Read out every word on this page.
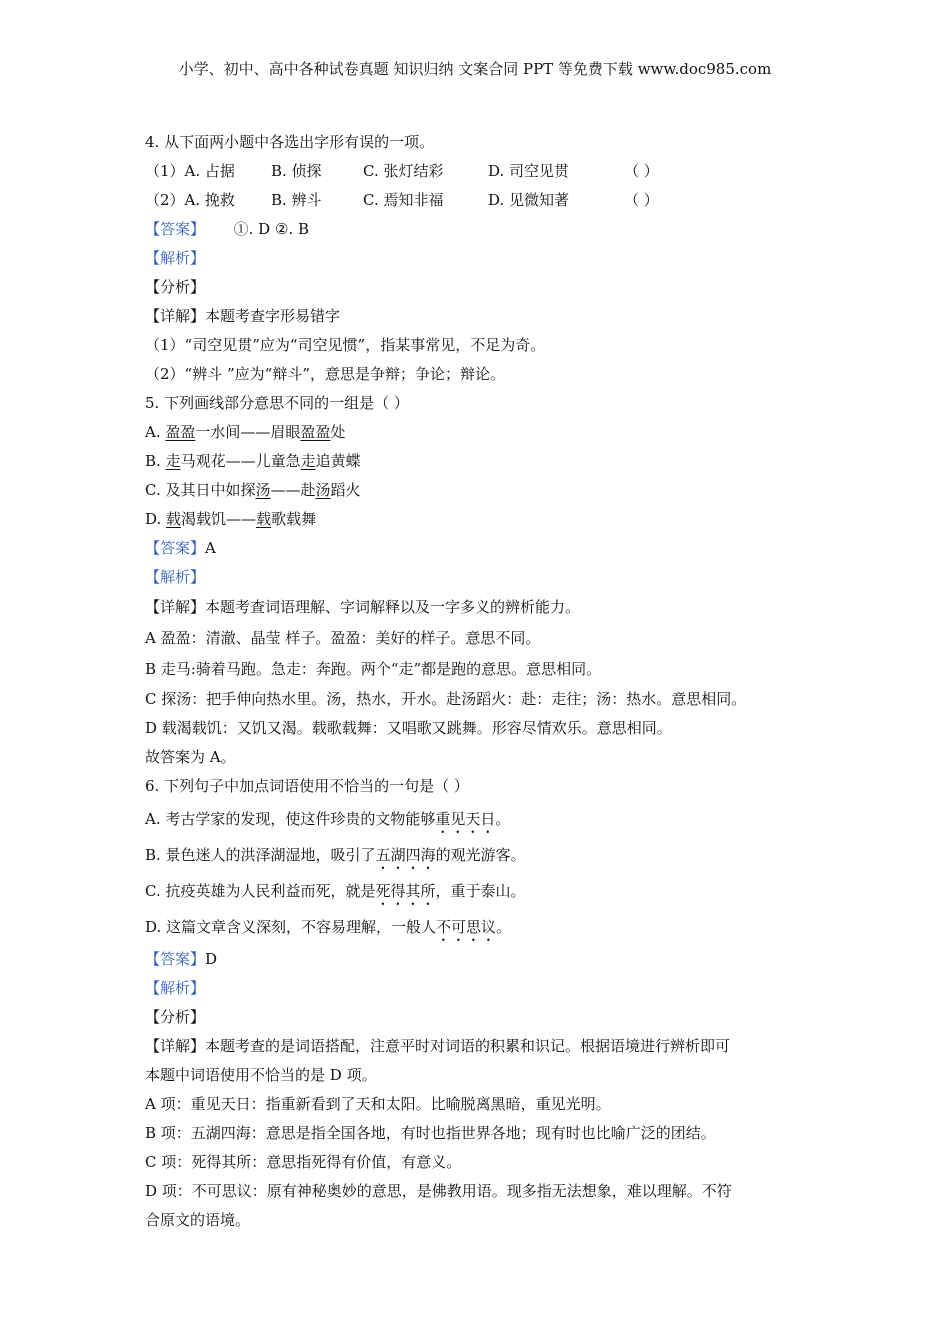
小学、初中、高中各种试卷真题 知识归纳 文案合同 PPT 等免费下载 www.doc985.com
4. 从下面两小题中各选出字形有误的一项。
（1）A. 占据 B. 侦探	C. 张灯结彩	D. 司空见贯	（ ）
（2）A. 挽救 B. 辨斗	C. 焉知非福	D. 见微知著	（ ）
【答案】 ①. D ②. B
【解析】
【分析】
【详解】本题考查字形易错字
（1）“司空见贯”应为“司空见惯”，指某事常见，不足为奇。
（2）“辨斗 ”应为“辩斗”，意思是争辩；争论；辩论。
5. 下列画线部分意思不同的一组是（ ）
A. 盈盈一水间——眉眼盈盈处
B. 走马观花——儿童急走追黄蝶
C. 及其日中如探汤——赴汤蹈火
D. 载渴载饥——载歌载舞
【答案】A
【解析】
【详解】本题考查词语理解、字词解释以及一字多义的辨析能力。
A 盈盈：清澈、晶莹 样子。盈盈：美好的样子。意思不同。
B 走马:骑着马跑。急走：奔跑。两个“走”都是跑的意思。意思相同。
C 探汤：把手伸向热水里。汤，热水，开水。赴汤蹈火：赴：走往；汤：热水。意思相同。
D 载渴载饥：又饥又渴。载歌载舞：又唱歌又跳舞。形容尽情欢乐。意思相同。
故答案为 A。
6. 下列句子中加点词语使用不恰当的一句是（ ）
A. 考古学家的发现，使这件珍贵的文物能够重见天日。
B. 景色迷人的洪泽湖湿地，吸引了五湖四海的观光游客。
C. 抗疫英雄为人民利益而死，就是死得其所，重于泰山。
D. 这篇文章含义深刻，不容易理解，一般人不可思议。
【答案】D
【解析】
【分析】
【详解】本题考查的是词语搭配，注意平时对词语的积累和识记。根据语境进行辨析即可
本题中词语使用不恰当的是 D 项。
A 项：重见天日：指重新看到了天和太阳。比喻脱离黑暗，重见光明。
B 项：五湖四海：意思是指全国各地，有时也指世界各地；现有时也比喻广泛的团结。
C 项：死得其所：意思指死得有价值，有意义。
D 项：不可思议：原有神秘奥妙的意思，是佛教用语。现多指无法想象，难以理解。不符
合原文的语境。
